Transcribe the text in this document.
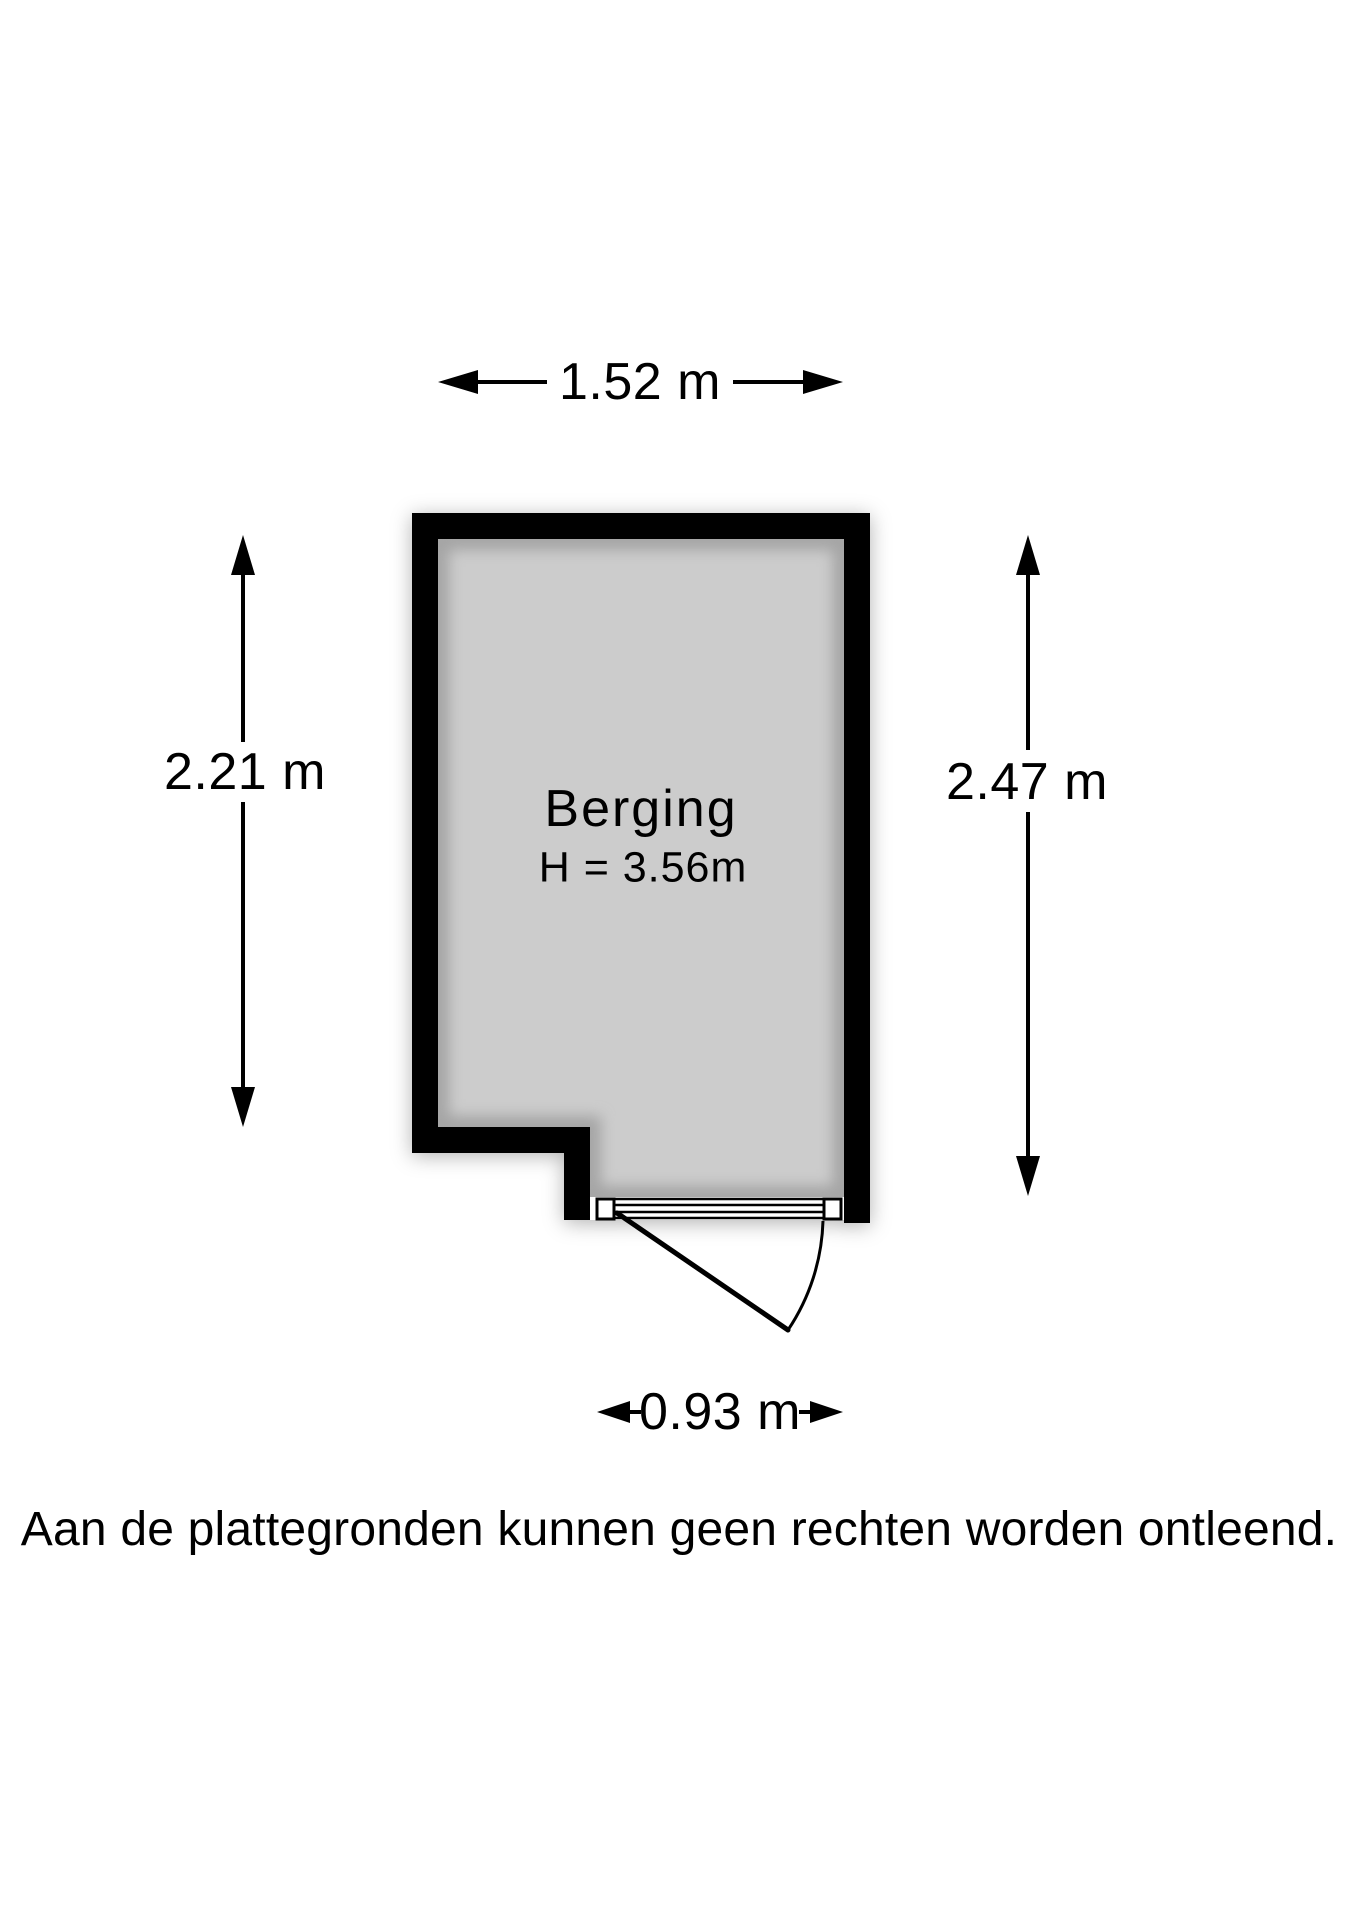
1.52 m
2.21 m	2.47 m
0.93 m
Berging
H = 3.56m
Aan de plattegronden kunnen geen rechten worden ontleend.
